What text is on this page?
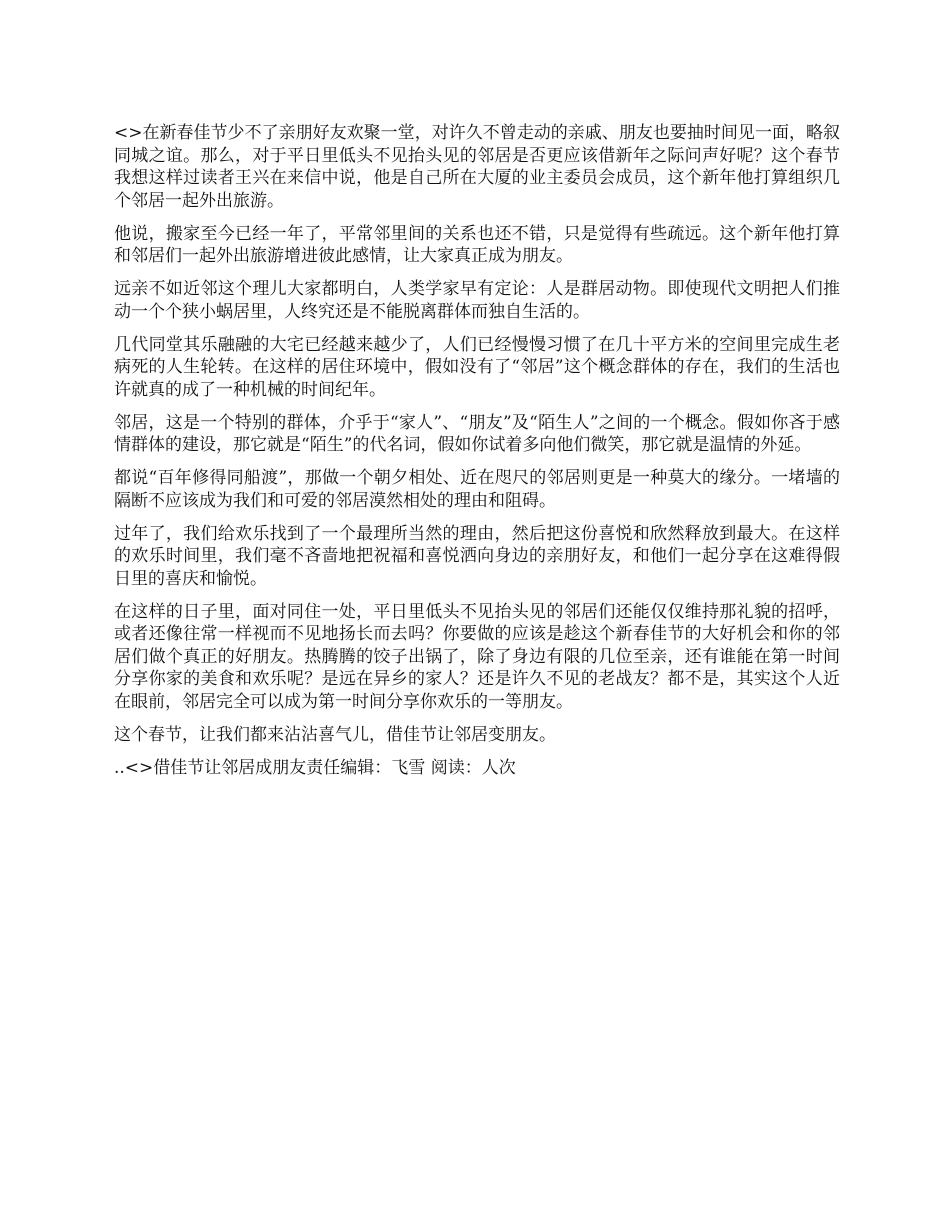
<>在新春佳节少不了亲朋好友欢聚一堂，对许久不曾走动的亲戚、朋友也要抽时间见一面，略叙同城之谊。那么，对于平日里低头不见抬头见的邻居是否更应该借新年之际问声好呢？这个春节我想这样过读者王兴在来信中说，他是自己所在大厦的业主委员会成员，这个新年他打算组织几个邻居一起外出旅游。

他说，搬家至今已经一年了，平常邻里间的关系也还不错，只是觉得有些疏远。这个新年他打算和邻居们一起外出旅游增进彼此感情，让大家真正成为朋友。

远亲不如近邻这个理儿大家都明白，人类学家早有定论：人是群居动物。即使现代文明把人们推动一个个狭小蜗居里，人终究还是不能脱离群体而独自生活的。

几代同堂其乐融融的大宅已经越来越少了，人们已经慢慢习惯了在几十平方米的空间里完成生老病死的人生轮转。在这样的居住环境中，假如没有了“邻居”这个概念群体的存在，我们的生活也许就真的成了一种机械的时间纪年。

邻居，这是一个特别的群体，介乎于“家人”、“朋友”及“陌生人”之间的一个概念。假如你吝于感情群体的建设，那它就是“陌生”的代名词，假如你试着多向他们微笑，那它就是温情的外延。

都说“百年修得同船渡”，那做一个朝夕相处、近在咫尺的邻居则更是一种莫大的缘分。一堵墙的隔断不应该成为我们和可爱的邻居漠然相处的理由和阻碍。

过年了，我们给欢乐找到了一个最理所当然的理由，然后把这份喜悦和欣然释放到最大。在这样的欢乐时间里，我们毫不吝啬地把祝福和喜悦洒向身边的亲朋好友，和他们一起分享在这难得假日里的喜庆和愉悦。

在这样的日子里，面对同住一处，平日里低头不见抬头见的邻居们还能仅仅维持那礼貌的招呼，或者还像往常一样视而不见地扬长而去吗？你要做的应该是趁这个新春佳节的大好机会和你的邻居们做个真正的好朋友。热腾腾的饺子出锅了，除了身边有限的几位至亲，还有谁能在第一时间分享你家的美食和欢乐呢？是远在异乡的家人？还是许久不见的老战友？都不是，其实这个人近在眼前，邻居完全可以成为第一时间分享你欢乐的一等朋友。

这个春节，让我们都来沾沾喜气儿，借佳节让邻居变朋友。

..<>借佳节让邻居成朋友责任编辑：飞雪 阅读：人次
